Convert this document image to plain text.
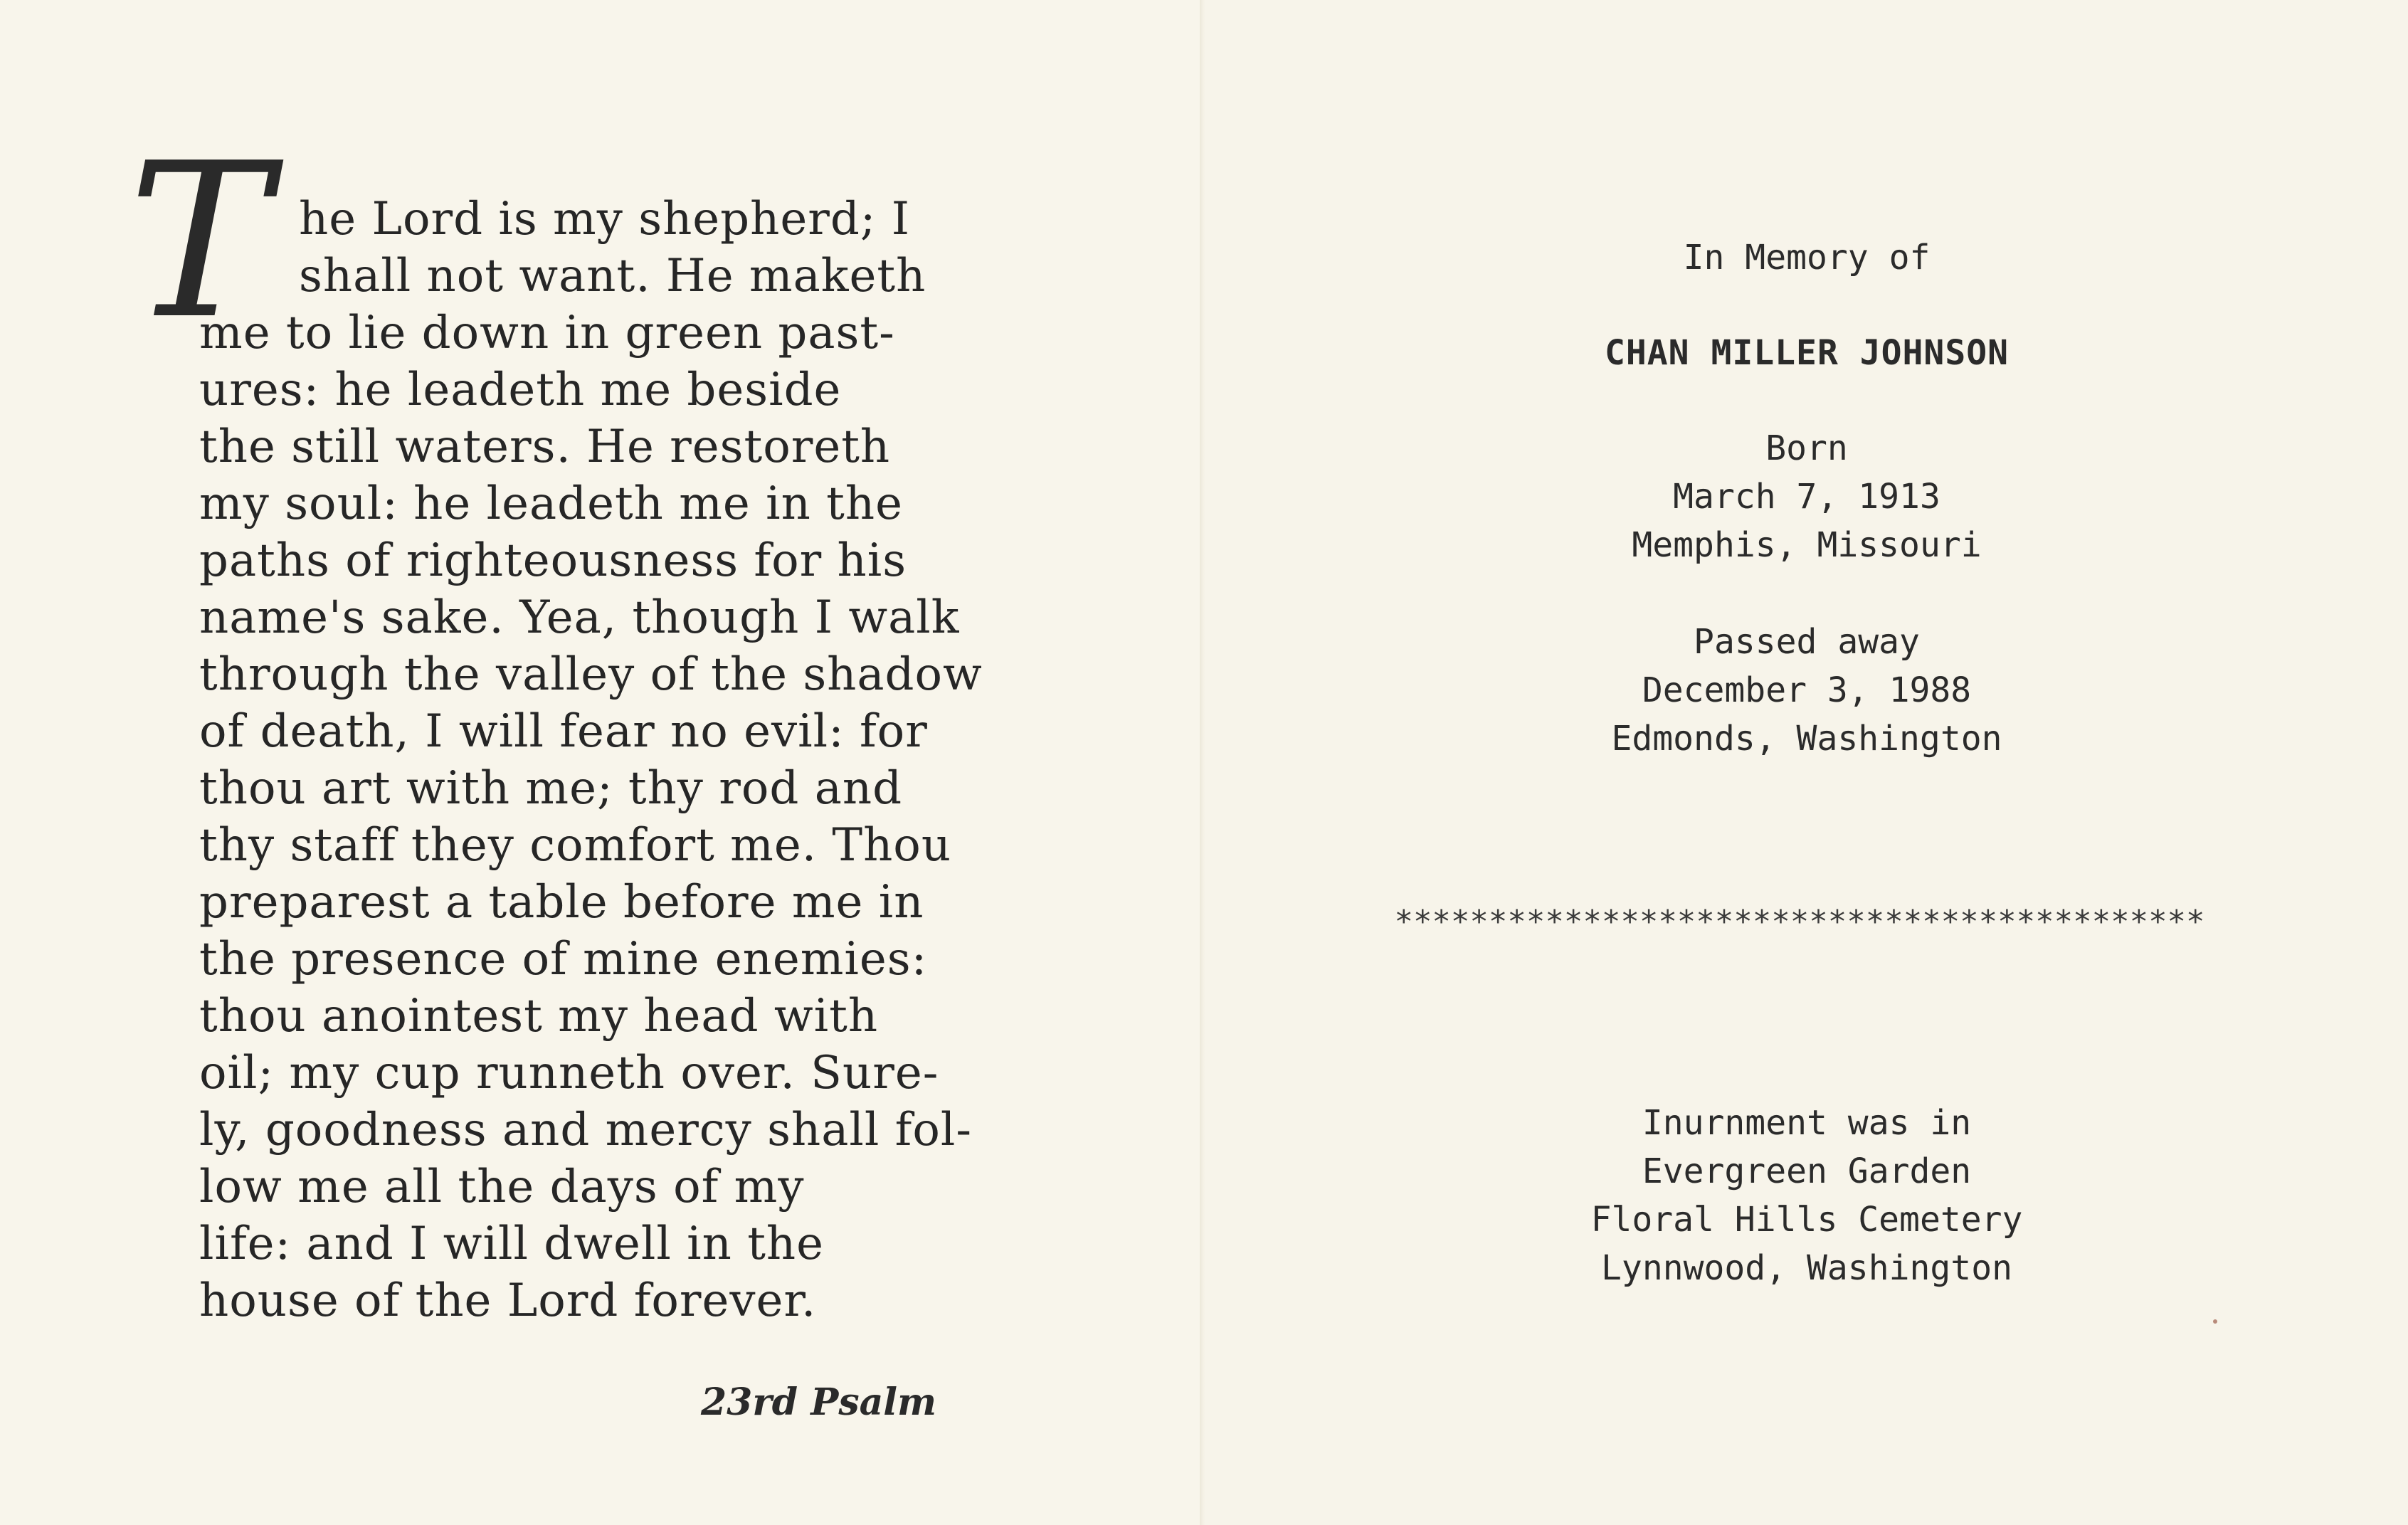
T he Lord is my shepherd; I
shall not want. He maketh
me to lie down in green past-
ures: he leadeth me beside
the still waters. He restoreth
my soul: he leadeth me in the
paths of righteousness for his
name's sake. Yea, though I walk
through the valley of the shadow
of death, I will fear no evil: for
thou art with me; thy rod and
thy staff they comfort me. Thou
preparest a table before me in
the presence of mine enemies:
thou anointest my head with
oil; my cup runneth over. Sure-
ly, goodness and mercy shall fol-
low me all the days of my
life: and I will dwell in the
house of the Lord forever.
23rd Psalm

In Memory of

CHAN MILLER JOHNSON

Born

March 7, 1913

Memphis, Missouri

Passed away

December 3, 1988

Edmonds, Washington

*******************************************

Inurnment was in

Evergreen Garden

Floral Hills Cemetery

Lynnwood, Washington
